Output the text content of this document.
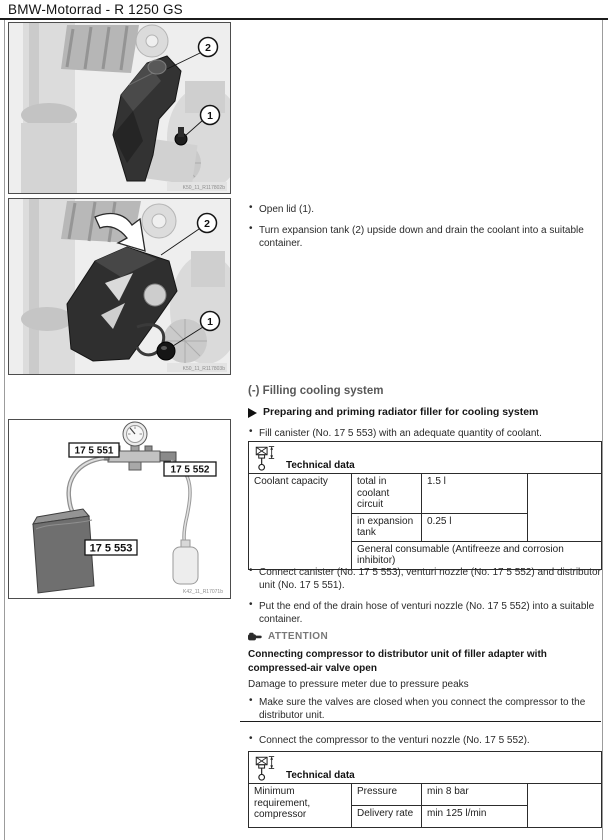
BMW-Motorrad - R 1250 GS
2
1
K50_11_R117802b
2
1
K50_11_R117803b
17 5 551
17 5 552
17 5 553
K42_11_R17071b
• Open lid (1).
• Turn expansion tank (2) upside down and drain the coolant into a suitable container.
(-) Filling cooling system
Preparing and priming radiator filler for cooling system
• Fill canister (No. 17 5 553) with an adequate quantity of coolant.
Technical data			

Coolant capacity	total in coolant circuit	1.5 l	
	in expansion tank	0.25 l	
	General consumable (Antifreeze and corrosion inhibitor)		
• Connect canister (No. 17 5 553), venturi nozzle (No. 17 5 552) and distributor unit (No. 17 5 551).
• Put the end of the drain hose of venturi nozzle (No. 17 5 552) into a suitable container.
ATTENTION
Connecting compressor to distributor unit of filler adapter with compressed-air valve open
Damage to pressure meter due to pressure peaks
• Make sure the valves are closed when you connect the compressor to the distributor unit.
• Connect the compressor to the venturi nozzle (No. 17 5 552).
Technical data			

Minimum requirement, compressor	Pressure	min 8 bar	
	Delivery rate	min 125 l/min	
